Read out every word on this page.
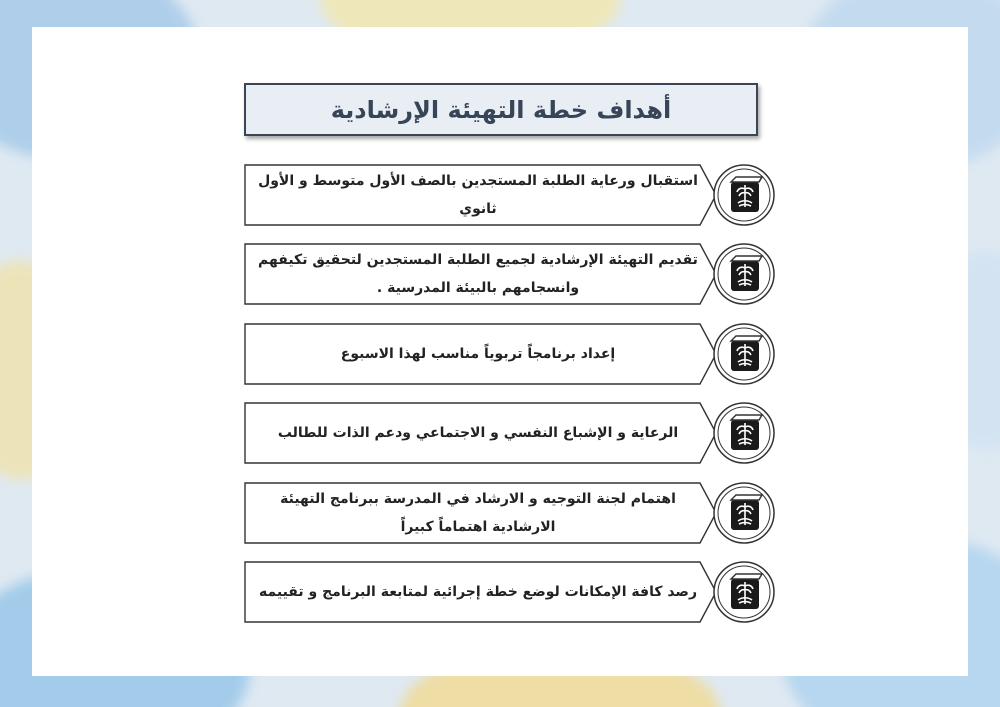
أهداف خطة التهيئة الإرشادية
استقبال ورعاية الطلبة المستجدين بالصف الأول متوسط و الأول ثانوي
تقديم التهيئة الإرشادية لجميع الطلبة المستجدين لتحقيق تكيفهم وانسجامهم بالبيئة المدرسية .
إعداد برنامجاً تربوياً مناسب لهذا الاسبوع
الرعاية و الإشباع النفسي و الاجتماعي ودعم الذات للطالب
اهتمام لجنة التوجيه و الارشاد في المدرسة ببرنامج التهيئة الارشادية اهتماماً كبيراً
رصد كافة الإمكانات لوضع خطة إجرائية لمتابعة البرنامج و تقييمه
